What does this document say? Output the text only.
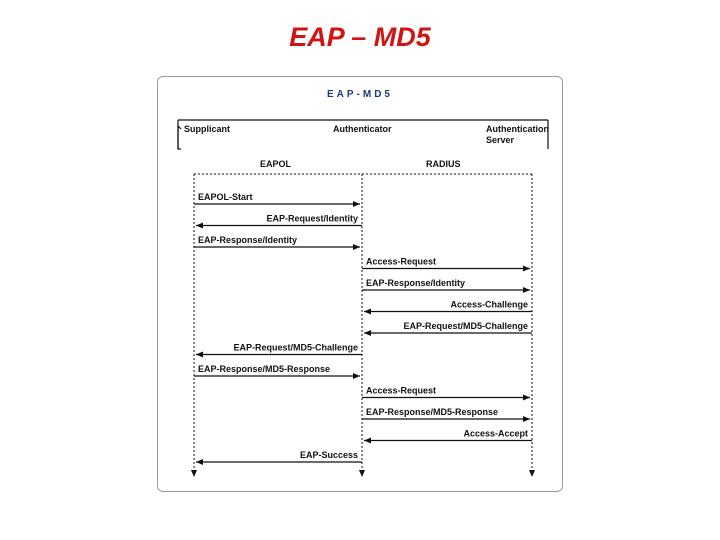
EAP – MD5

EAP-MD5

Supplicant	Authenticator	Authentication
Server
EAPOL	RADIUS
EAPOL-Start
EAP-Request/Identity
EAP-Response/Identity
Access-Request
EAP-Response/Identity
Access-Challenge
EAP-Request/MD5-Challenge
EAP-Request/MD5-Challenge
EAP-Response/MD5-Response
Access-Request
EAP-Response/MD5-Response
Access-Accept
EAP-Success
